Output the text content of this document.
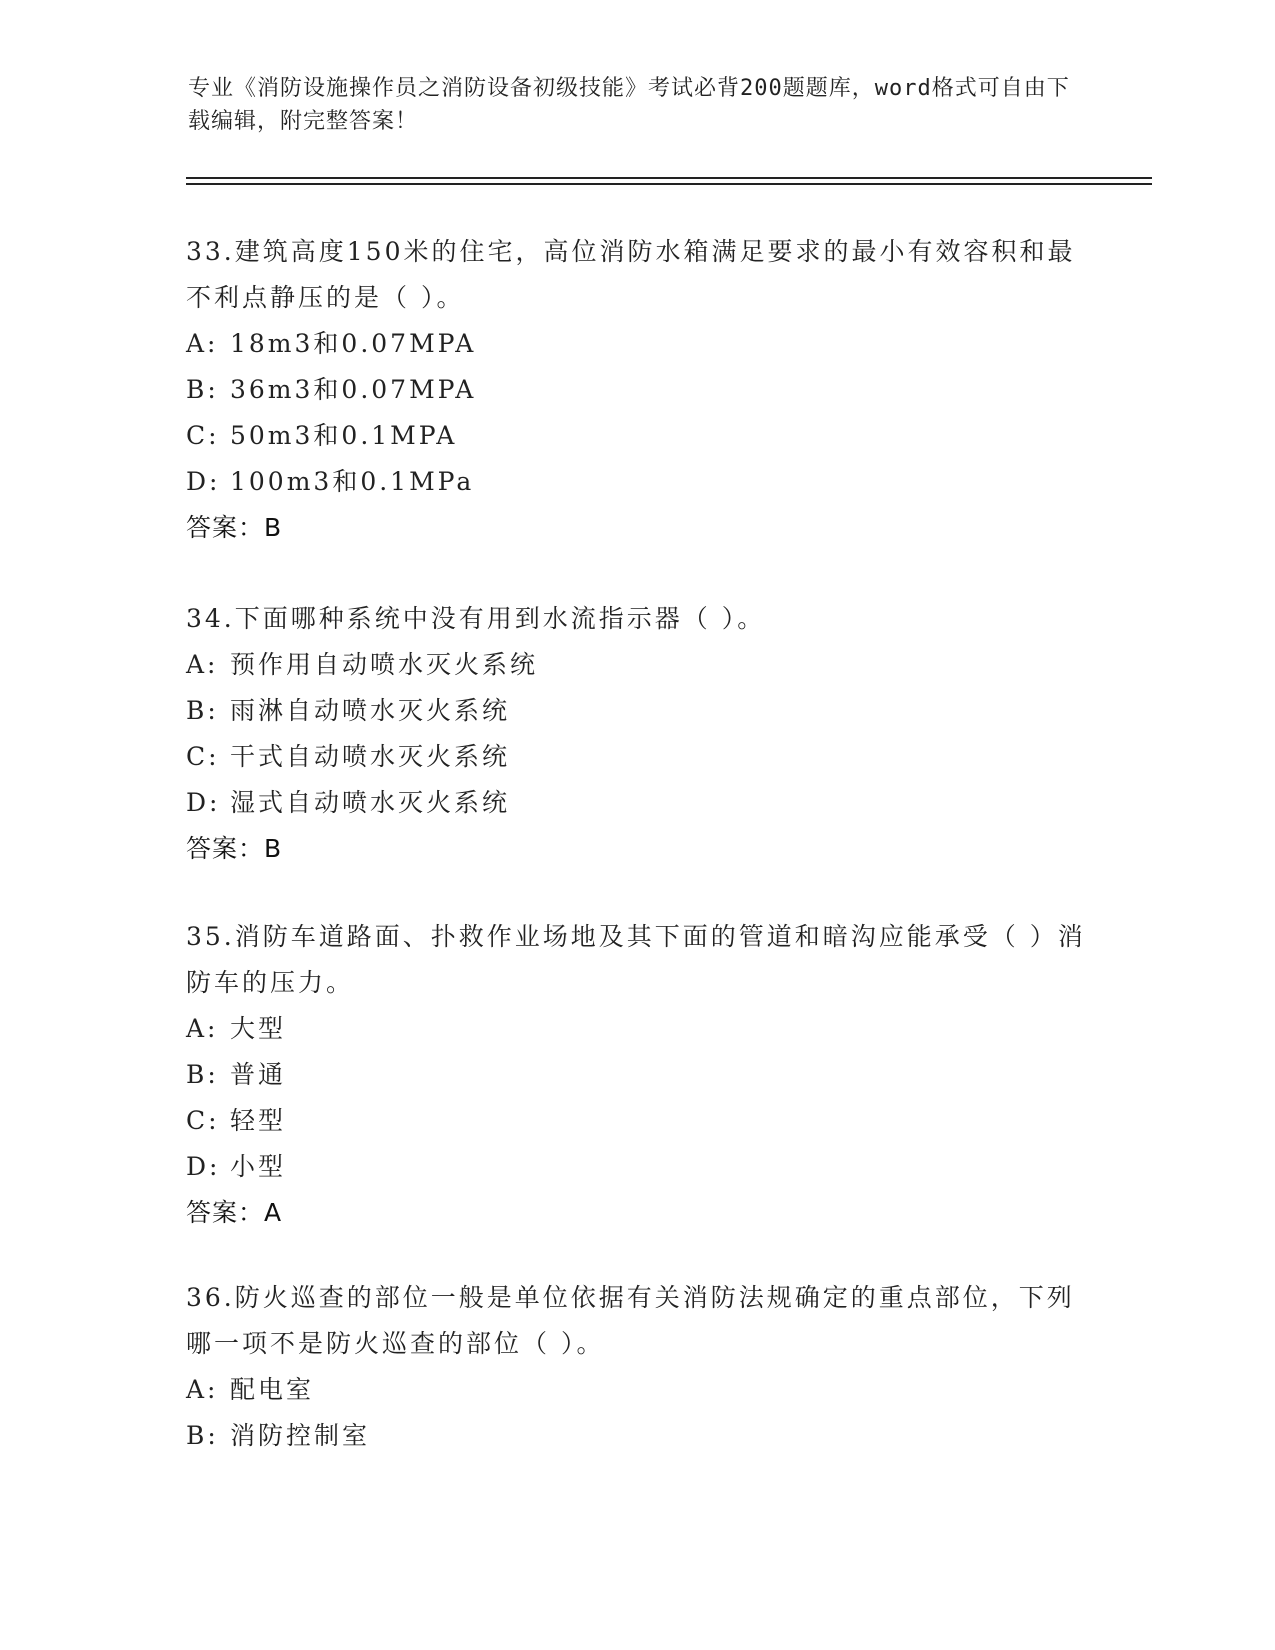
专业《消防设施操作员之消防设备初级技能》考试必背200题题库，word格式可自由下载编辑，附完整答案！

33.建筑高度150米的住宅，高位消防水箱满足要求的最小有效容积和最不利点静压的是（ ）。

A: 18m3和0.07MPA

B: 36m3和0.07MPA

C: 50m3和0.1MPA

D: 100m3和0.1MPa

答案：B

34.下面哪种系统中没有用到水流指示器（ ）。

A: 预作用自动喷水灭火系统

B: 雨淋自动喷水灭火系统

C: 干式自动喷水灭火系统

D: 湿式自动喷水灭火系统

答案：B

35.消防车道路面、扑救作业场地及其下面的管道和暗沟应能承受（ ）消防车的压力。

A: 大型

B: 普通

C: 轻型

D: 小型

答案：A

36.防火巡查的部位一般是单位依据有关消防法规确定的重点部位，下列哪一项不是防火巡查的部位（ ）。

A: 配电室

B: 消防控制室
